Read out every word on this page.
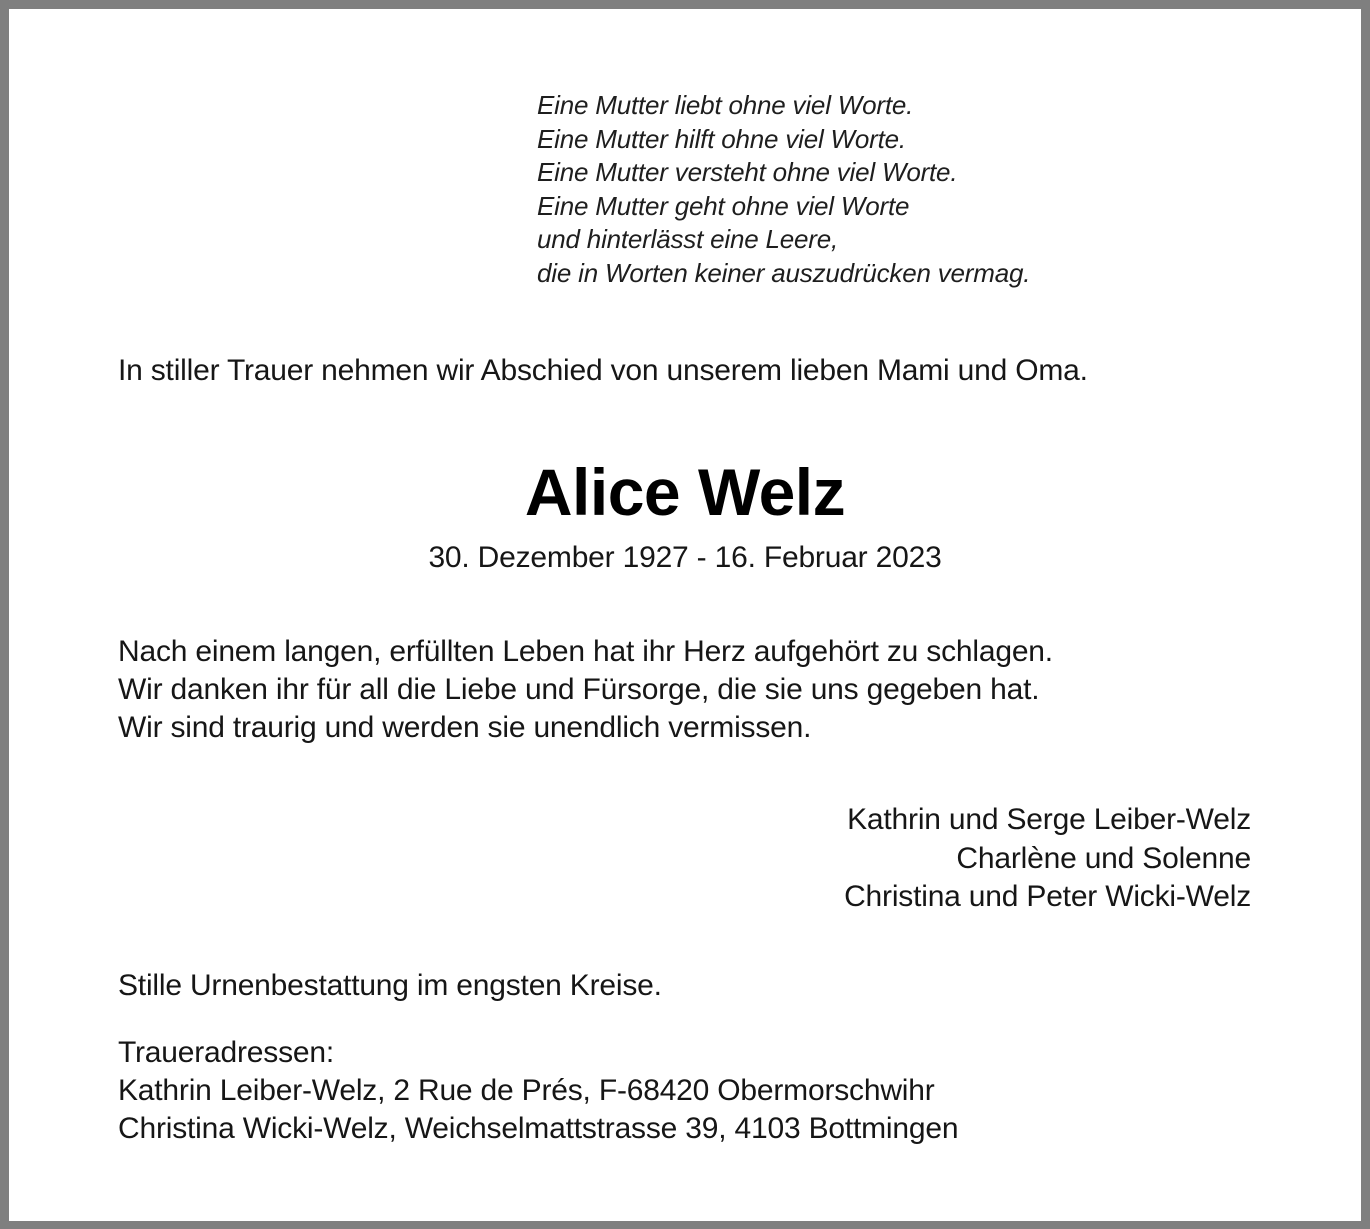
Eine Mutter liebt ohne viel Worte.
Eine Mutter hilft ohne viel Worte.
Eine Mutter versteht ohne viel Worte.
Eine Mutter geht ohne viel Worte
und hinterlässt eine Leere,
die in Worten keiner auszudrücken vermag.
In stiller Trauer nehmen wir Abschied von unserem lieben Mami und Oma.
Alice Welz
30. Dezember 1927 - 16. Februar 2023
Nach einem langen, erfüllten Leben hat ihr Herz aufgehört zu schlagen.
Wir danken ihr für all die Liebe und Fürsorge, die sie uns gegeben hat.
Wir sind traurig und werden sie unendlich vermissen.
Kathrin und Serge Leiber-Welz
Charlène und Solenne
Christina und Peter Wicki-Welz
Stille Urnenbestattung im engsten Kreise.
Traueradressen:
Kathrin Leiber-Welz, 2 Rue de Prés, F-68420 Obermorschwihr
Christina Wicki-Welz, Weichselmattstrasse 39, 4103 Bottmingen
